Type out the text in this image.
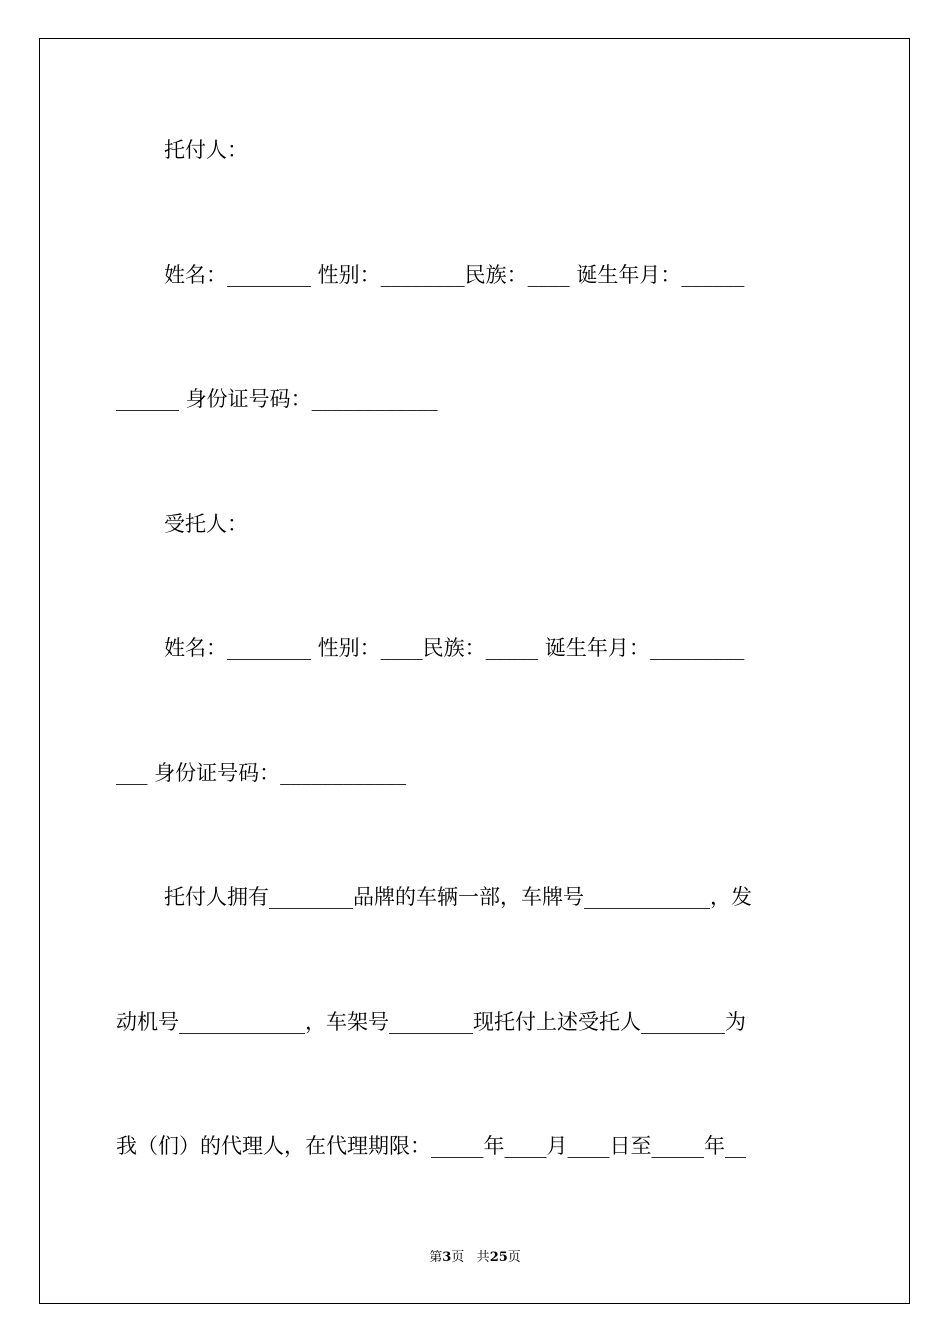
托付人：
姓名：________ 性别：________民族：____ 诞生年月：______
______ 身份证号码：____________
受托人：
姓名：________ 性别：____民族：_____ 诞生年月：_________
___ 身份证号码：____________
托付人拥有________品牌的车辆一部，车牌号____________，发
动机号____________，车架号________现托付上述受托人________为
我（们）的代理人，在代理期限：_____年____月____日至_____年__
第3页 共25页
